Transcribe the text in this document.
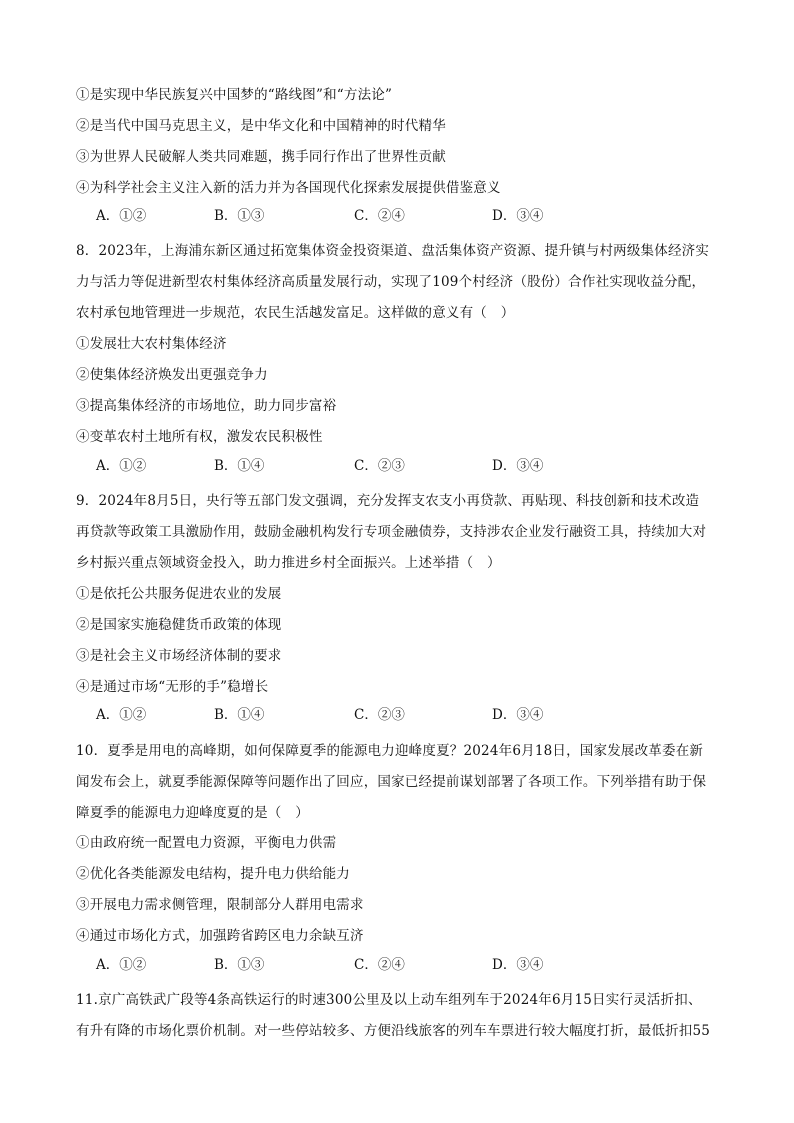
①是实现中华民族复兴中国梦的“路线图”和“方法论”
②是当代中国马克思主义，是中华文化和中国精神的时代精华
③为世界人民破解人类共同难题，携手同行作出了世界性贡献
④为科学社会主义注入新的活力并为各国现代化探索发展提供借鉴意义
A．①②	B．①③	C．②④	D．③④
8．2023年，上海浦东新区通过拓宽集体资金投资渠道、盘活集体资产资源、提升镇与村两级集体经济实
力与活力等促进新型农村集体经济高质量发展行动，实现了109个村经济（股份）合作社实现收益分配，
农村承包地管理进一步规范，农民生活越发富足。这样做的意义有（　）
①发展壮大农村集体经济
②使集体经济焕发出更强竞争力
③提高集体经济的市场地位，助力同步富裕
④变革农村土地所有权，激发农民积极性
A．①②	B．①④	C．②③	D．③④
9．2024年8月5日，央行等五部门发文强调，充分发挥支农支小再贷款、再贴现、科技创新和技术改造
再贷款等政策工具激励作用，鼓励金融机构发行专项金融债券，支持涉农企业发行融资工具，持续加大对
乡村振兴重点领域资金投入，助力推进乡村全面振兴。上述举措（　）
①是依托公共服务促进农业的发展
②是国家实施稳健货币政策的体现
③是社会主义市场经济体制的要求
④是通过市场“无形的手”稳增长
A．①②	B．①④	C．②③	D．③④
10．夏季是用电的高峰期，如何保障夏季的能源电力迎峰度夏？2024年6月18日，国家发展改革委在新
闻发布会上，就夏季能源保障等问题作出了回应，国家已经提前谋划部署了各项工作。下列举措有助于保
障夏季的能源电力迎峰度夏的是（　）
①由政府统一配置电力资源，平衡电力供需
②优化各类能源发电结构，提升电力供给能力
③开展电力需求侧管理，限制部分人群用电需求
④通过市场化方式，加强跨省跨区电力余缺互济
A．①②	B．①③	C．②④	D．③④
11.京广高铁武广段等4条高铁运行的时速300公里及以上动车组列车于2024年6月15日实行灵活折扣、
有升有降的市场化票价机制。对一些停站较多、方便沿线旅客的列车车票进行较大幅度打折，最低折扣55
